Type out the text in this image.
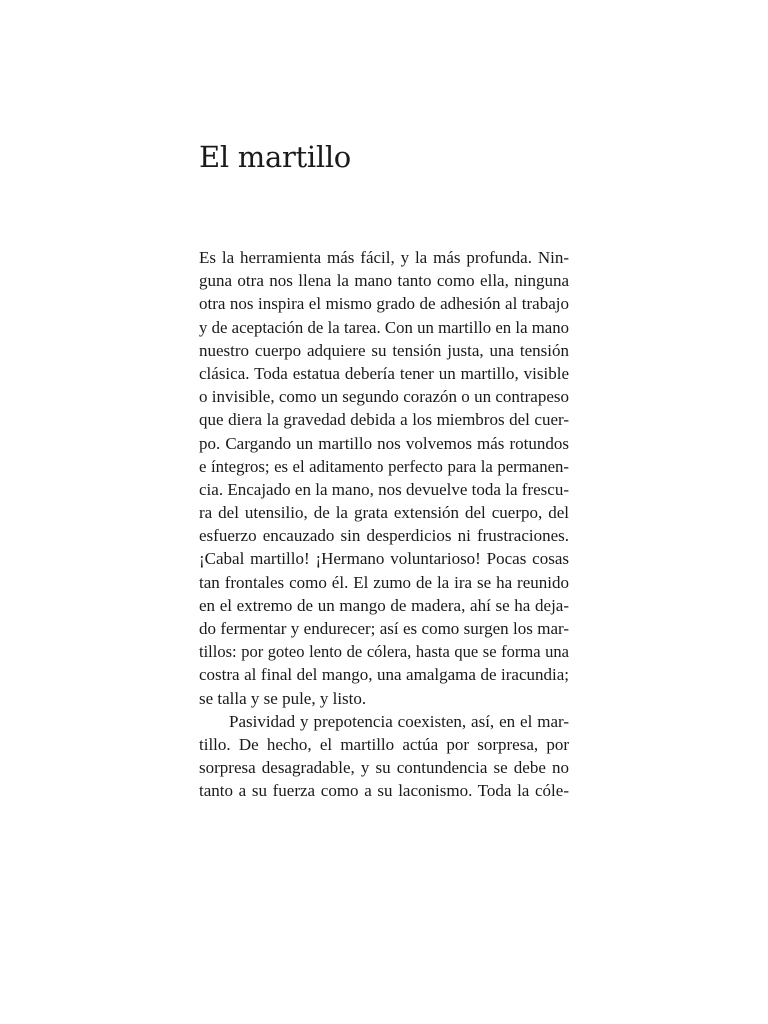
El martillo
Es la herramienta más fácil, y la más profunda. Nin-
guna otra nos llena la mano tanto como ella, ninguna
otra nos inspira el mismo grado de adhesión al trabajo
y de aceptación de la tarea. Con un martillo en la mano
nuestro cuerpo adquiere su tensión justa, una tensión
clásica. Toda estatua debería tener un martillo, visible
o invisible, como un segundo corazón o un contrapeso
que diera la gravedad debida a los miembros del cuer-
po. Cargando un martillo nos volvemos más rotundos
e íntegros; es el aditamento perfecto para la permanen-
cia. Encajado en la mano, nos devuelve toda la frescu-
ra del utensilio, de la grata extensión del cuerpo, del
esfuerzo encauzado sin desperdicios ni frustraciones.
¡Cabal martillo! ¡Hermano voluntarioso! Pocas cosas
tan frontales como él. El zumo de la ira se ha reunido
en el extremo de un mango de madera, ahí se ha deja-
do fermentar y endurecer; así es como surgen los mar-
tillos: por goteo lento de cólera, hasta que se forma una
costra al final del mango, una amalgama de iracundia;
se talla y se pule, y listo.
Pasividad y prepotencia coexisten, así, en el mar-
tillo. De hecho, el martillo actúa por sorpresa, por
sorpresa desagradable, y su contundencia se debe no
tanto a su fuerza como a su laconismo. Toda la cóle-
